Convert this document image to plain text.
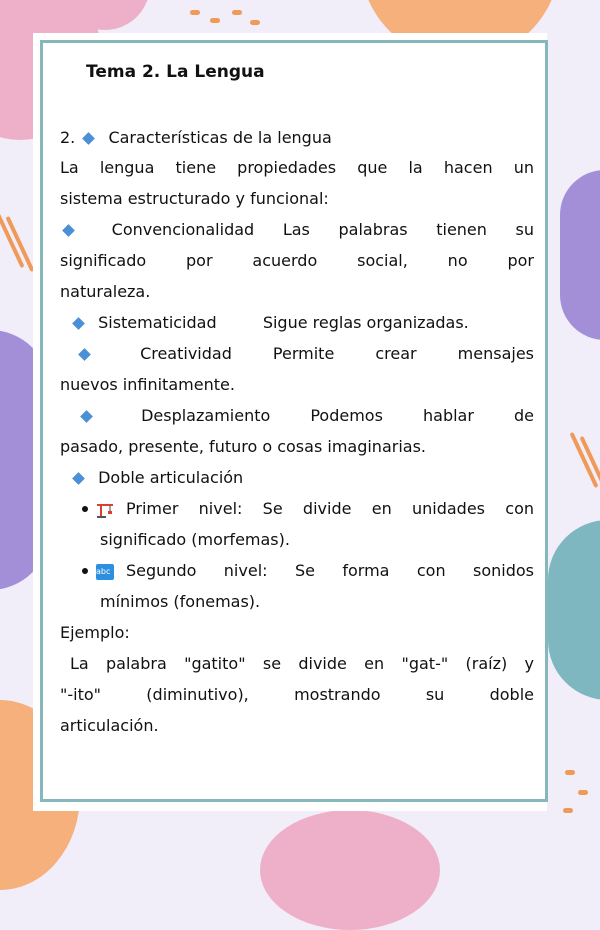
Tema 2. La Lengua
2. Características de la lengua
La lengua tiene propiedades que la hacen un
sistema estructurado y funcional:
Convencionalidad Las palabras tienen su
significado por acuerdo social, no por
naturaleza.
Sistematicidad	Sigue reglas organizadas.
Creatividad	Permite crear mensajes
nuevos infinitamente.
Desplazamiento	Podemos hablar de
pasado, presente, futuro o cosas imaginarias.
Doble articulación
Primer nivel: Se divide en unidades con
significado (morfemas).
abc Segundo nivel: Se forma con sonidos
mínimos (fonemas).
Ejemplo:
La palabra "gatito" se divide en "gat-" (raíz) y
"-ito" (diminutivo), mostrando su doble
articulación.
